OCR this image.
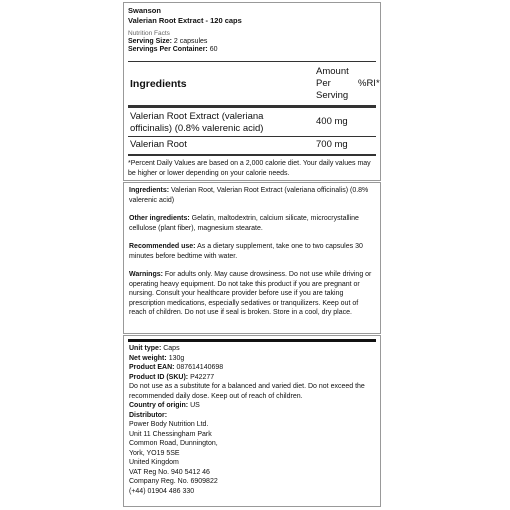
Swanson
Valerian Root Extract - 120 caps
Nutrition Facts
Serving Size: 2 capsules
Servings Per Container: 60
Ingredients
Amount
Per
Serving
%RI*
Valerian Root Extract (valeriana
officinalis) (0.8% valerenic acid)
400 mg
Valerian Root	700 mg
*Percent Daily Values are based on a 2,000 calorie diet. Your daily values may be higher or lower depending on your calorie needs.
Ingredients: Valerian Root, Valerian Root Extract (valeriana officinalis) (0.8% valerenic acid)
Other ingredients: Gelatin, maltodextrin, calcium silicate, microcrystalline cellulose (plant fiber), magnesium stearate.
Recommended use: As a dietary supplement, take one to two capsules 30 minutes before bedtime with water.
Warnings: For adults only. May cause drowsiness. Do not use while driving or operating heavy equipment. Do not take this product if you are pregnant or nursing. Consult your healthcare provider before use if you are taking prescription medications, especially sedatives or tranquilizers. Keep out of reach of children. Do not use if seal is broken. Store in a cool, dry place.
Unit type: Caps
Net weight: 130g
Product EAN: 087614140698
Product ID (SKU): P42277
Do not use as a substitute for a balanced and varied diet. Do not exceed the recommended daily dose. Keep out of reach of children.
Country of origin: US
Distributor:
Power Body Nutrition Ltd.
Unit 11 Chessingham Park
Common Road, Dunnington,
York, YO19 5SE
United Kingdom
VAT Reg No. 940 5412 46
Company Reg. No. 6909822
(+44) 01904 486 330
